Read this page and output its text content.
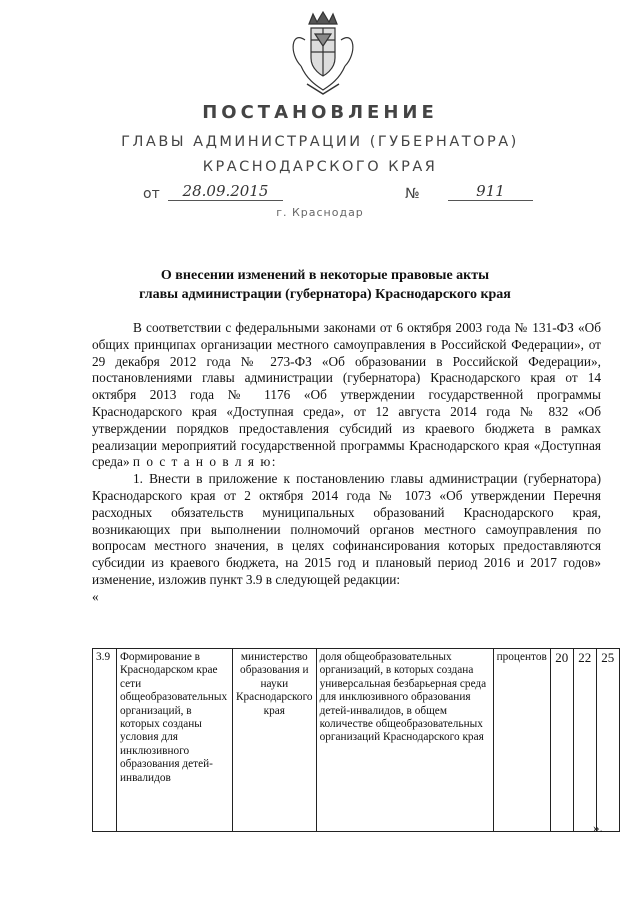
ПОСТАНОВЛЕНИЕ
ГЛАВЫ АДМИНИСТРАЦИИ (ГУБЕРНАТОРА)
КРАСНОДАРСКОГО КРАЯ
от	28.09.2015	№	911
г. Краснодар
О внесении изменений в некоторые правовые акты
главы администрации (губернатора) Краснодарского края

В соответствии с федеральными законами от 6 октября 2003 года № 131-ФЗ «Об общих принципах организации местного самоуправления в Российской Федерации», от 29 декабря 2012 года № 273-ФЗ «Об образовании в Российской Федерации», постановлениями главы администрации (губернатора) Краснодарского края от 14 октября 2013 года № 1176 «Об утверждении государственной программы Краснодарского края «Доступная среда», от 12 августа 2014 года № 832 «Об утверждении порядков предоставления субсидий из краевого бюджета в рамках реализации мероприятий государственной программы Краснодарского края «Доступная среда» п о с т а н о в л я ю:

1. Внести в приложение к постановлению главы администрации (губернатора) Краснодарского края от 2 октября 2014 года № 1073 «Об утверждении Перечня расходных обязательств муниципальных образований Краснодарского края, возникающих при выполнении полномочий органов местного самоуправления по вопросам местного значения, в целях софинансирования которых предоставляются субсидии из краевого бюджета, на 2015 год и плановый период 2016 и 2017 годов» изменение, изложив пункт 3.9 в следующей редакции:

«

3.9	Формирование в Краснодарском крае сети общеобразовательных организаций, в которых созданы условия для инклюзивного образования детей-инвалидов	министерство образования и науки Краснодарского края	доля общеобразовательных организаций, в которых создана универсальная безбарьерная среда для инклюзивного образования детей-инвалидов, в общем количестве общеобразовательных организаций Краснодарского края	процентов	20	22	25
».
